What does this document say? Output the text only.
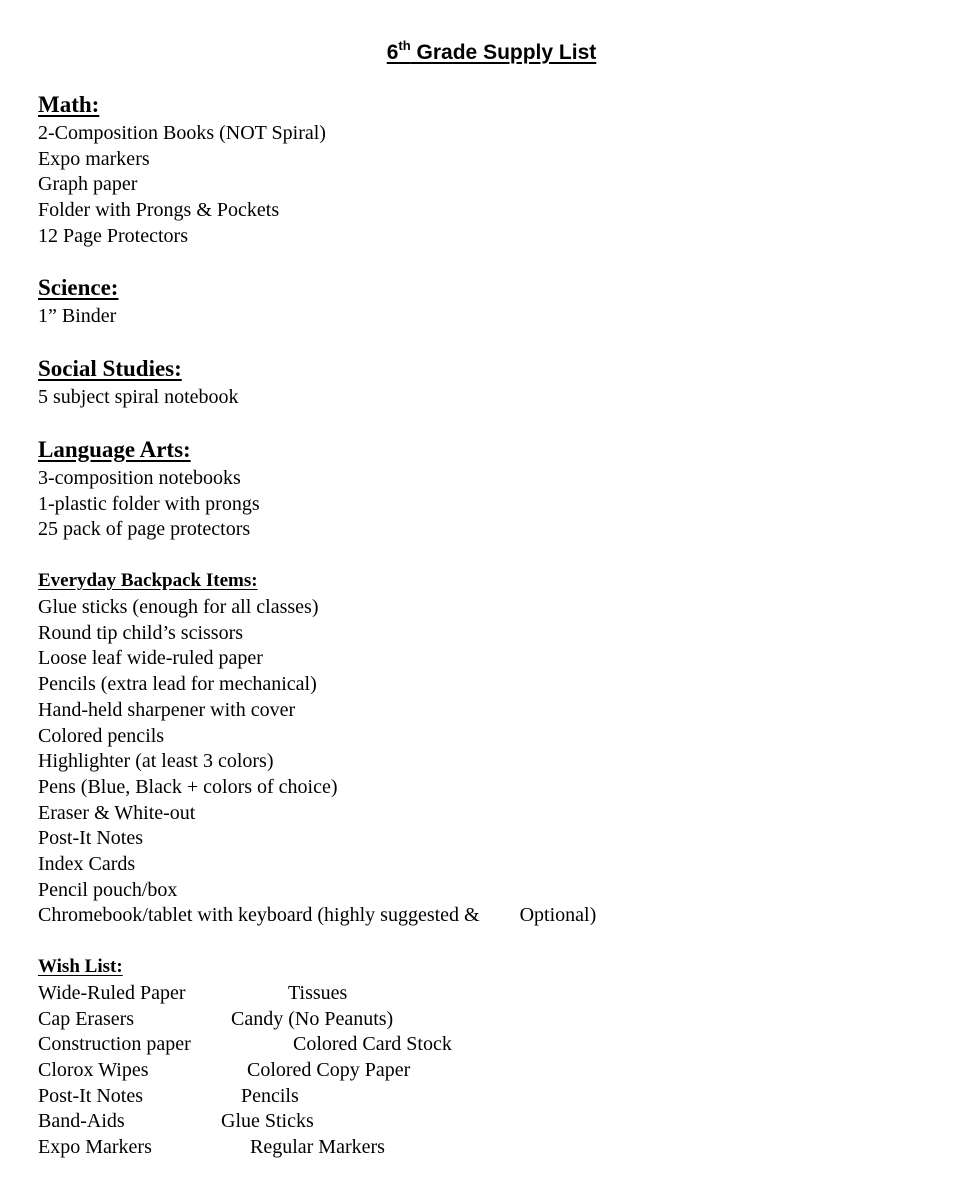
6th Grade Supply List
Math:
2-Composition Books (NOT Spiral)
Expo markers
Graph paper
Folder with Prongs & Pockets
12 Page Protectors
Science:
1” Binder
Social Studies:
5 subject spiral notebook
Language Arts:
3-composition notebooks
1-plastic folder with prongs
25 pack of page protectors
Everyday Backpack Items:
Glue sticks (enough for all classes)
Round tip child’s scissors
Loose leaf wide-ruled paper
Pencils (extra lead for mechanical)
Hand-held sharpener with cover
Colored pencils
Highlighter (at least 3 colors)
Pens (Blue, Black + colors of choice)
Eraser & White-out
Post-It Notes
Index Cards
Pencil pouch/box
Chromebook/tablet with keyboard (highly suggested & Optional)
Wish List:
Wide-Ruled Paper	Tissues
Cap Erasers	Candy (No Peanuts)
Construction paper	Colored Card Stock
Clorox Wipes	Colored Copy Paper
Post-It Notes	Pencils
Band-Aids	Glue Sticks
Expo Markers	Regular Markers
